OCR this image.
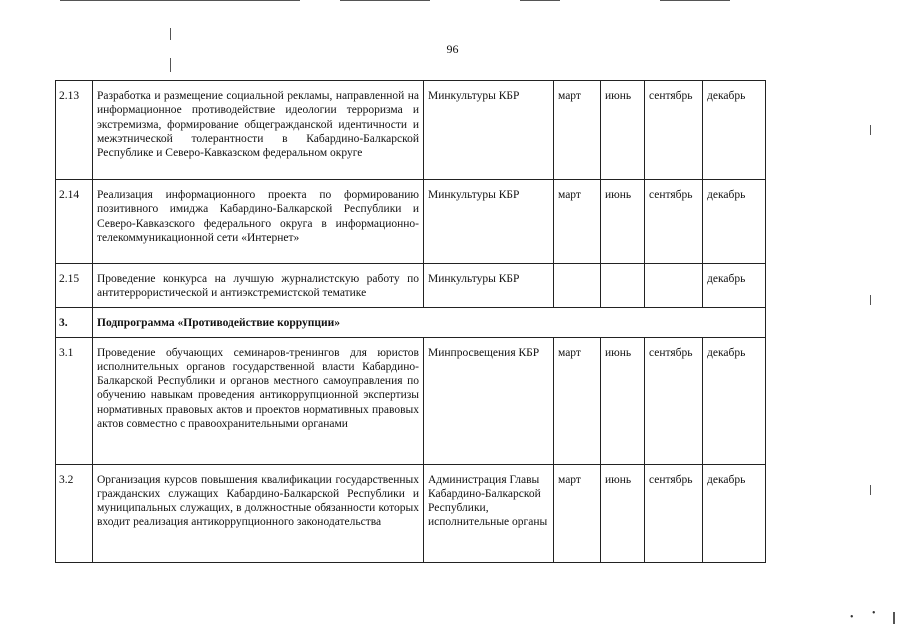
96
2.13	Разработка и размещение социальной рекламы, направленной на информационное противодействие идеологии терроризма и экстремизма, формирование общегражданской идентичности и межэтнической толерантности в Кабардино-Балкарской Республике и Северо-Кавказском федеральном округе	Минкультуры КБР	март	июнь	сентябрь	декабрь
2.14	Реализация информационного проекта по формированию позитивного имиджа Кабардино-Балкарской Республики и Северо-Кавказского федерального округа в информационно-телекоммуникационной сети «Интернет»	Минкультуры КБР	март	июнь	сентябрь	декабрь
2.15	Проведение конкурса на лучшую журналистскую работу по антитеррористической и антиэкстремистской тематике	Минкультуры КБР				декабрь
3.	Подпрограмма «Противодействие коррупции»					
3.1	Проведение обучающих семинаров-тренингов для юристов исполнительных органов государственной власти Кабардино-Балкарской Республики и органов местного самоуправления по обучению навыкам проведения антикоррупционной экспертизы нормативных правовых актов и проектов нормативных правовых актов совместно с правоохранительными органами	Минпросвещения КБР	март	июнь	сентябрь	декабрь
3.2	Организация курсов повышения квалификации государственных гражданских служащих Кабардино-Балкарской Республики и муниципальных служащих, в должностные обязанности которых входит реализация антикоррупционного законодательства	Администрация Главы Кабардино-Балкарской Республики, исполнительные органы	март	июнь	сентябрь	декабрь
• •
